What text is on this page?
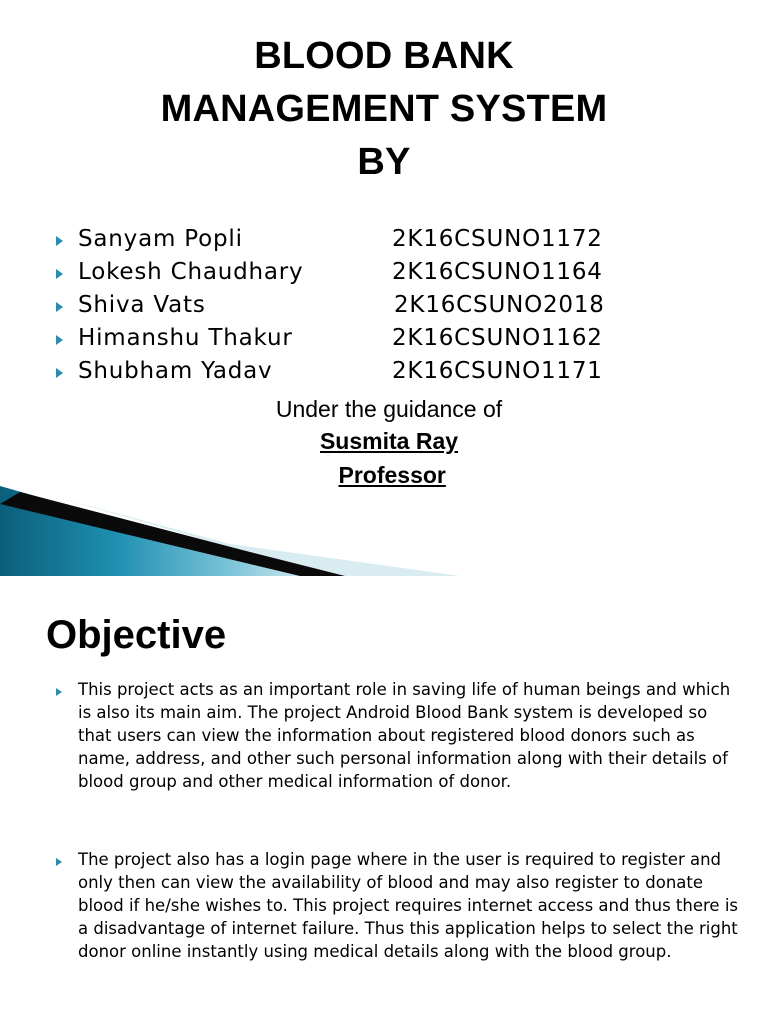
BLOOD BANK
MANAGEMENT SYSTEM
BY
Sanyam Popli	2K16CSUNO1172
Lokesh Chaudhary	2K16CSUNO1164
Shiva Vats	2K16CSUNO2018
Himanshu Thakur	2K16CSUNO1162
Shubham Yadav	2K16CSUNO1171
Under the guidance of
Susmita Ray
Professor
Objective
This project acts as an important role in saving life of human beings and which is also its main aim. The project Android Blood Bank system is developed so that users can view the information about registered blood donors such as name, address, and other such personal information along with their details of blood group and other medical information of donor.
The project also has a login page where in the user is required to register and only then can view the availability of blood and may also register to donate blood if he/she wishes to. This project requires internet access and thus there is a disadvantage of internet failure. Thus this application helps to select the right donor online instantly using medical details along with the blood group.
